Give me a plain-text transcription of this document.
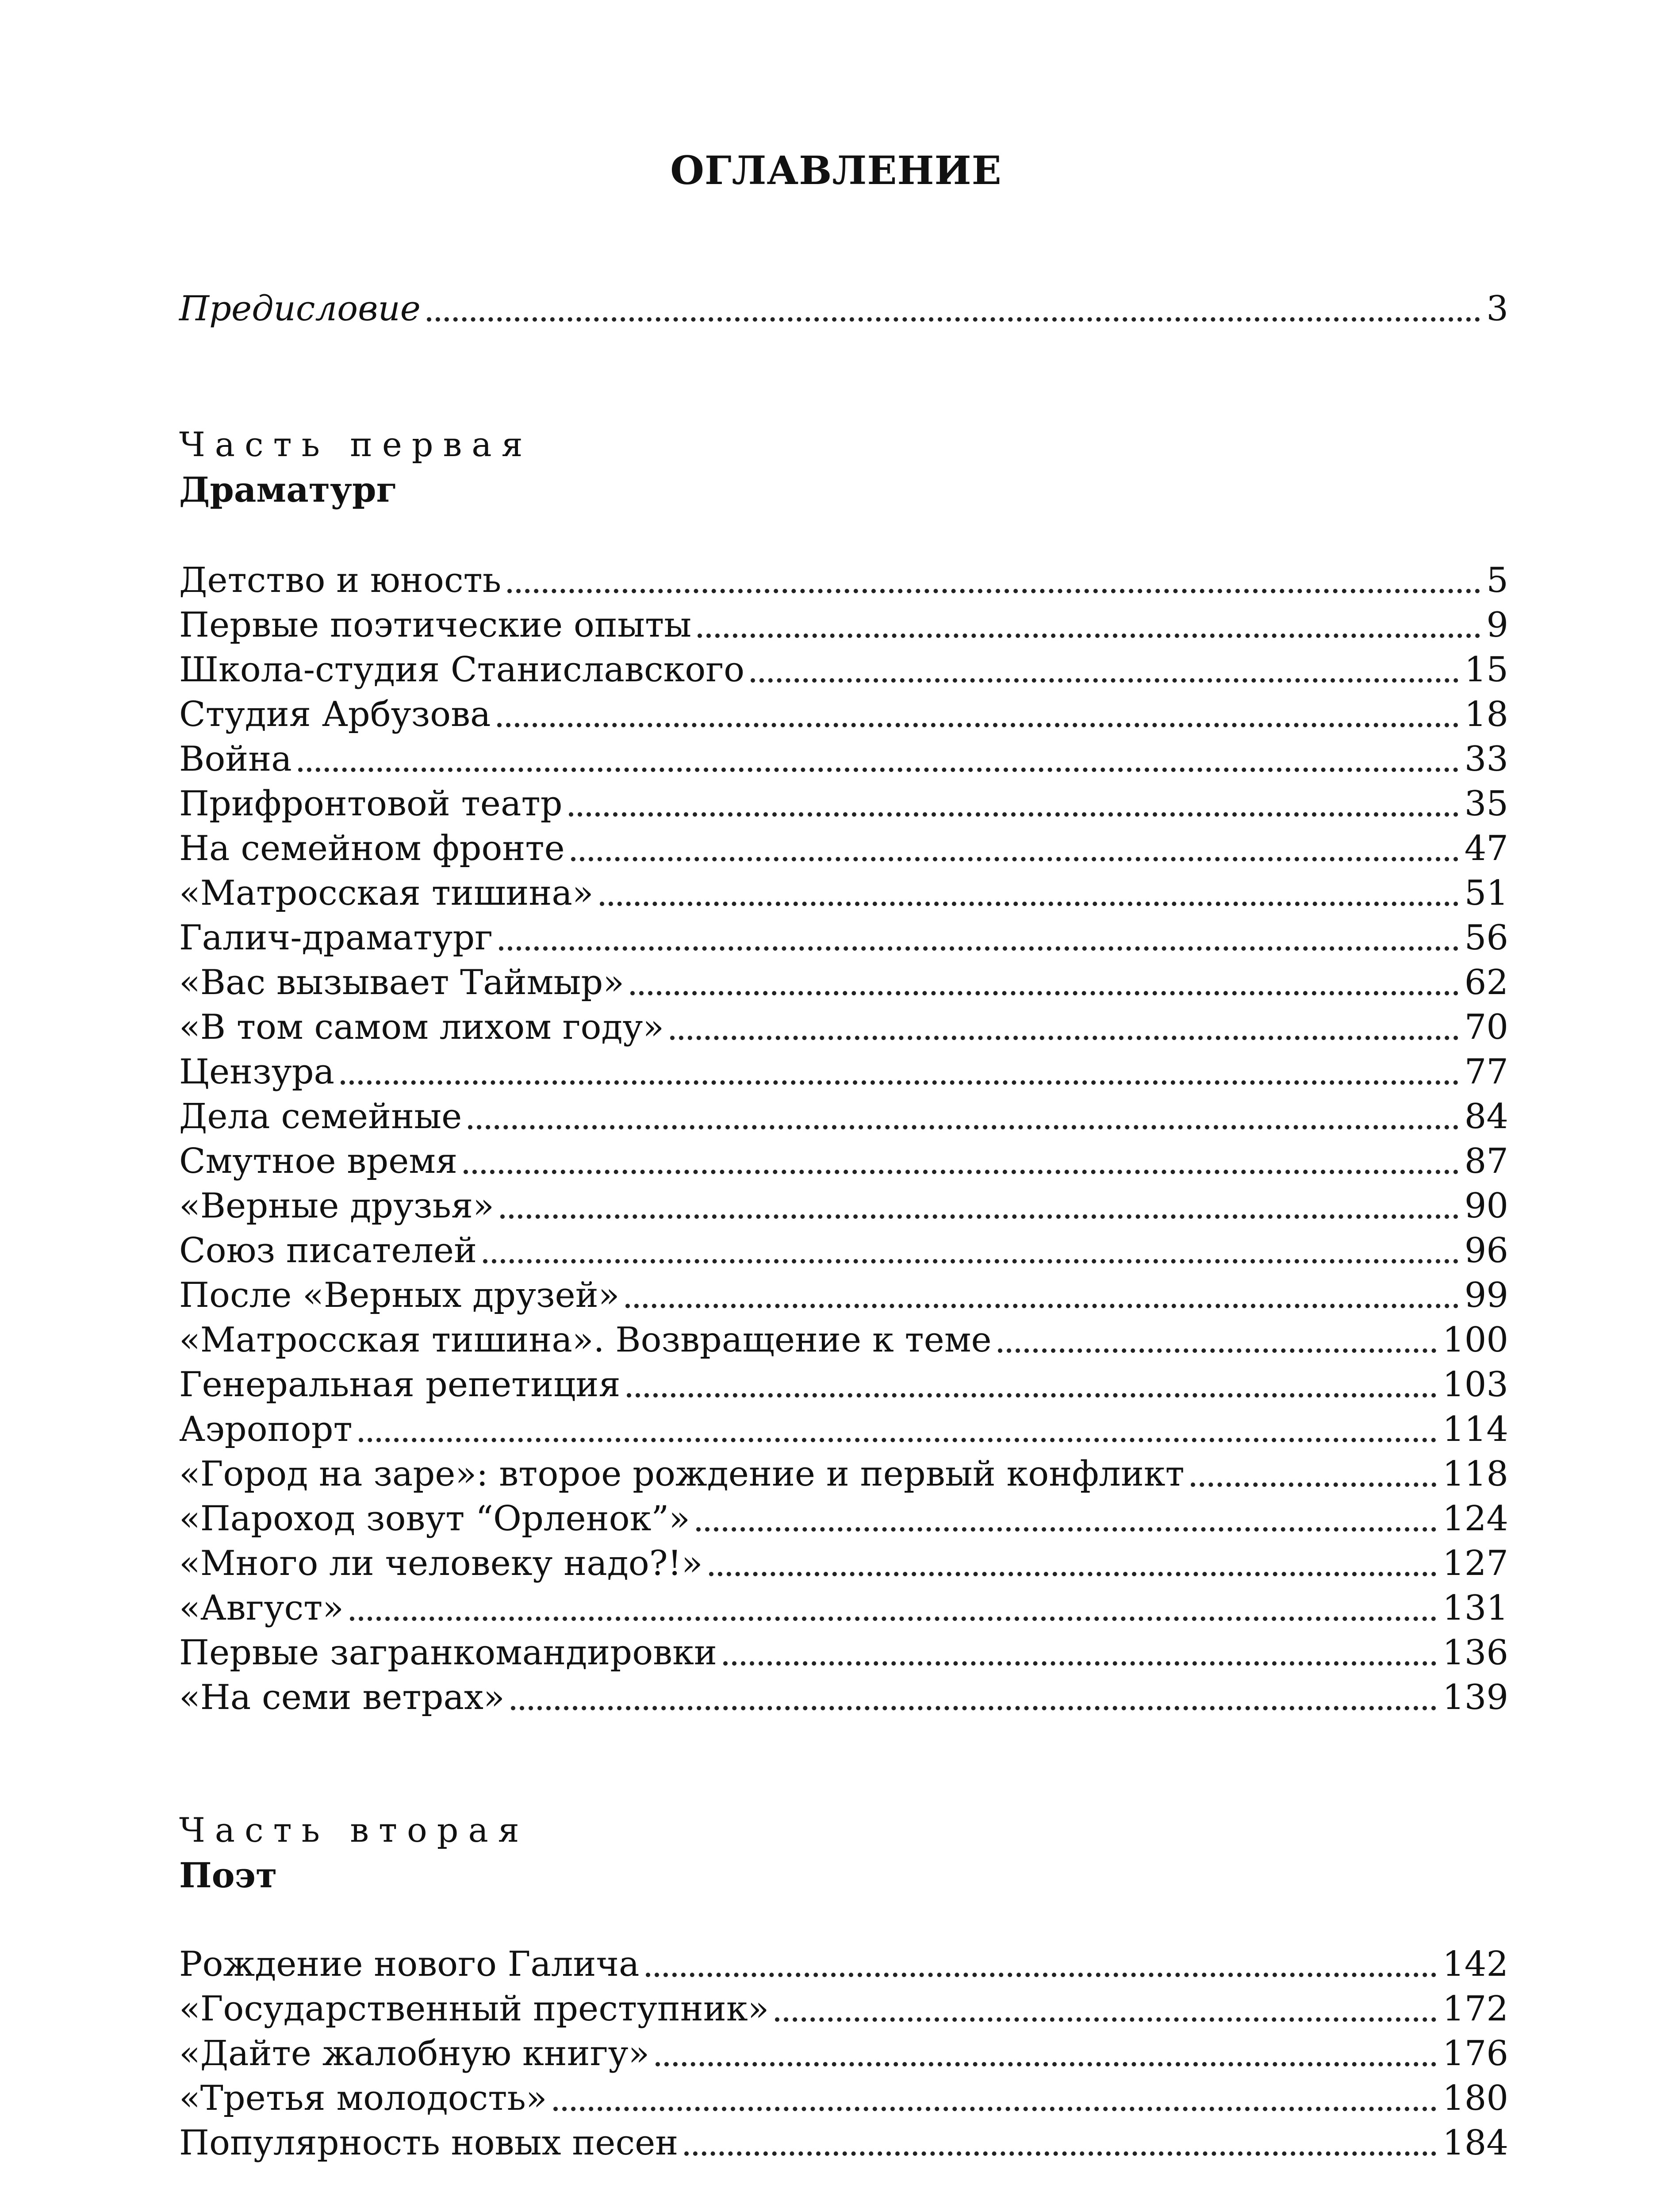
ОГЛАВЛЕНИЕ
Предисловие	3
Часть первая
Драматург
Детство и юность	5
Первые поэтические опыты	9
Школа-студия Станиславского	15
Студия Арбузова	18
Война	33
Прифронтовой театр	35
На семейном фронте	47
«Матросская тишина»	51
Галич-драматург	56
«Вас вызывает Таймыр»	62
«В том самом лихом году»	70
Цензура	77
Дела семейные	84
Смутное время	87
«Верные друзья»	90
Союз писателей	96
После «Верных друзей»	99
«Матросская тишина». Возвращение к теме	100
Генеральная репетиция	103
Аэропорт	114
«Город на заре»: второе рождение и первый конфликт	118
«Пароход зовут “Орленок”»	124
«Много ли человеку надо?!»	127
«Август»	131
Первые загранкомандировки	136
«На семи ветрах»	139
Часть вторая
Поэт
Рождение нового Галича	142
«Государственный преступник»	172
«Дайте жалобную книгу»	176
«Третья молодость»	180
Популярность новых песен	184
